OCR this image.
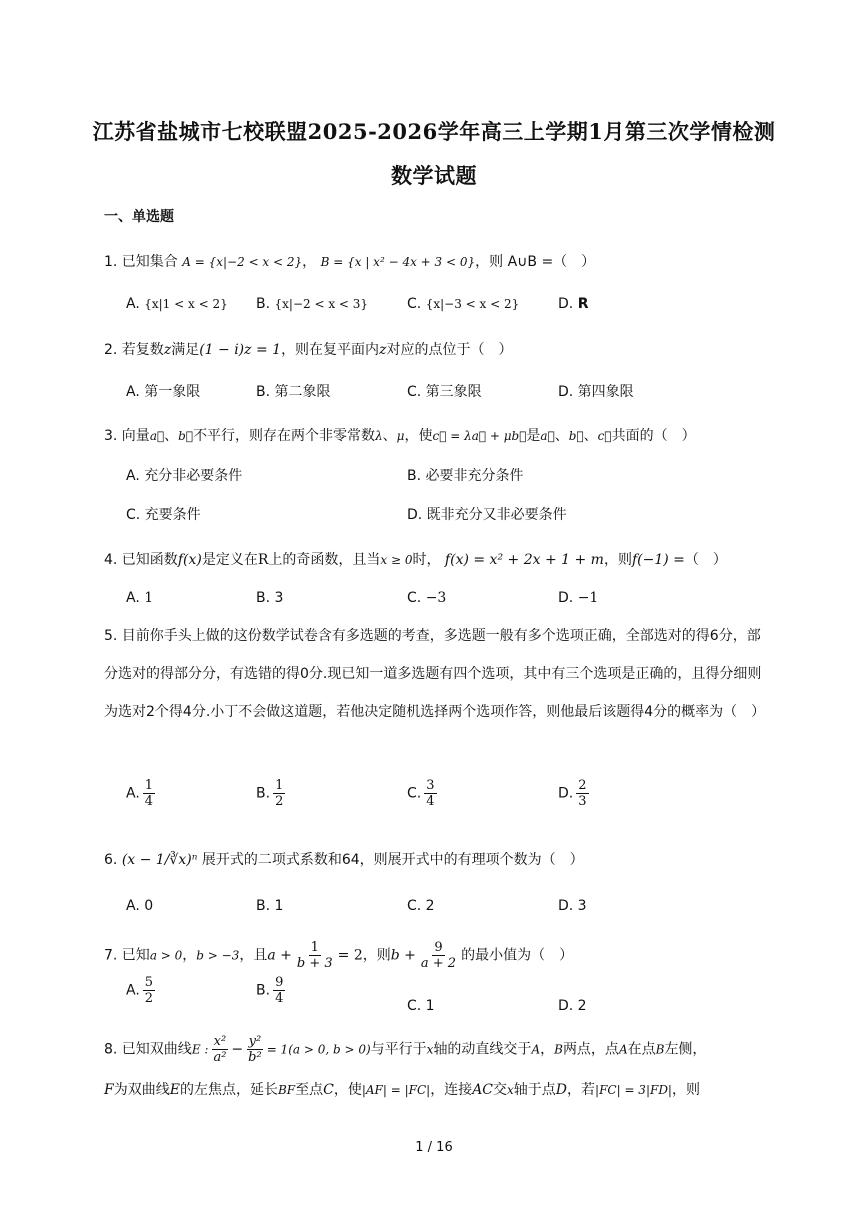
江苏省盐城市七校联盟2025-2026学年高三上学期1月第三次学情检测
数学试题
一、单选题
1. 已知集合 A = {x|−2 < x < 2}， B = {x | x² − 4x + 3 < 0}，则 A∪B =（　）
A. {x|1 < x < 2} B. {x|−2 < x < 3}	C. {x|−3 < x < 2}	D. R
2. 若复数z满足(1 − i)z = 1，则在复平面内z对应的点位于（　）
A. 第一象限	B. 第二象限	C. 第三象限	D. 第四象限
3. 向量a⃗、b⃗不平行，则存在两个非零常数λ、μ，使c⃗ = λa⃗ + μb⃗是a⃗、b⃗、c⃗共面的（　）
A. 充分非必要条件	B. 必要非充分条件
C. 充要条件	D. 既非充分又非必要条件
4. 已知函数f(x)是定义在R上的奇函数，且当x ≥ 0时， f(x) = x² + 2x + 1 + m，则f(−1) =（　）
A. 1	B. 3	C. −3	D. −1
5. 目前你手头上做的这份数学试卷含有多选题的考查，多选题一般有多个选项正确，全部选对的得6分，部分选对的得部分分，有选错的得0分.现已知一道多选题有四个选项，其中有三个选项是正确的，且得分细则为选对2个得4分.小丁不会做这道题，若他决定随机选择两个选项作答，则他最后该题得4分的概率为（　）
A. $\frac{1}{4}$	B. $\frac{1}{2}$	C. $\frac{3}{4}$	D. $\frac{2}{3}$
6. (x − 1/∛x)ⁿ 展开式的二项式系数和64，则展开式中的有理项个数为（　）
A. 0	B. 1	C. 2	D. 3
7. 已知a > 0，b > −3，且$a + \frac{1}{b + 3} = 2$，则$b + \frac{9}{a + 2}$ 的最小值为（　）
A. $\frac{5}{2}$	B. $\frac{9}{4}$	C. 1	D. 2
8. 已知双曲线E : $\frac{\text{x²}}{\text{a²}} - \frac{\text{y²}}{\text{b²}} = 1(a > 0$, b > 0)与平行于x轴的动直线交于A，B两点，点A在点B左侧，
F为双曲线E的左焦点，延长BF至点C，使|AF| = |FC|，连接AC交x轴于点D，若|FC| = 3|FD|，则
1 / 16
